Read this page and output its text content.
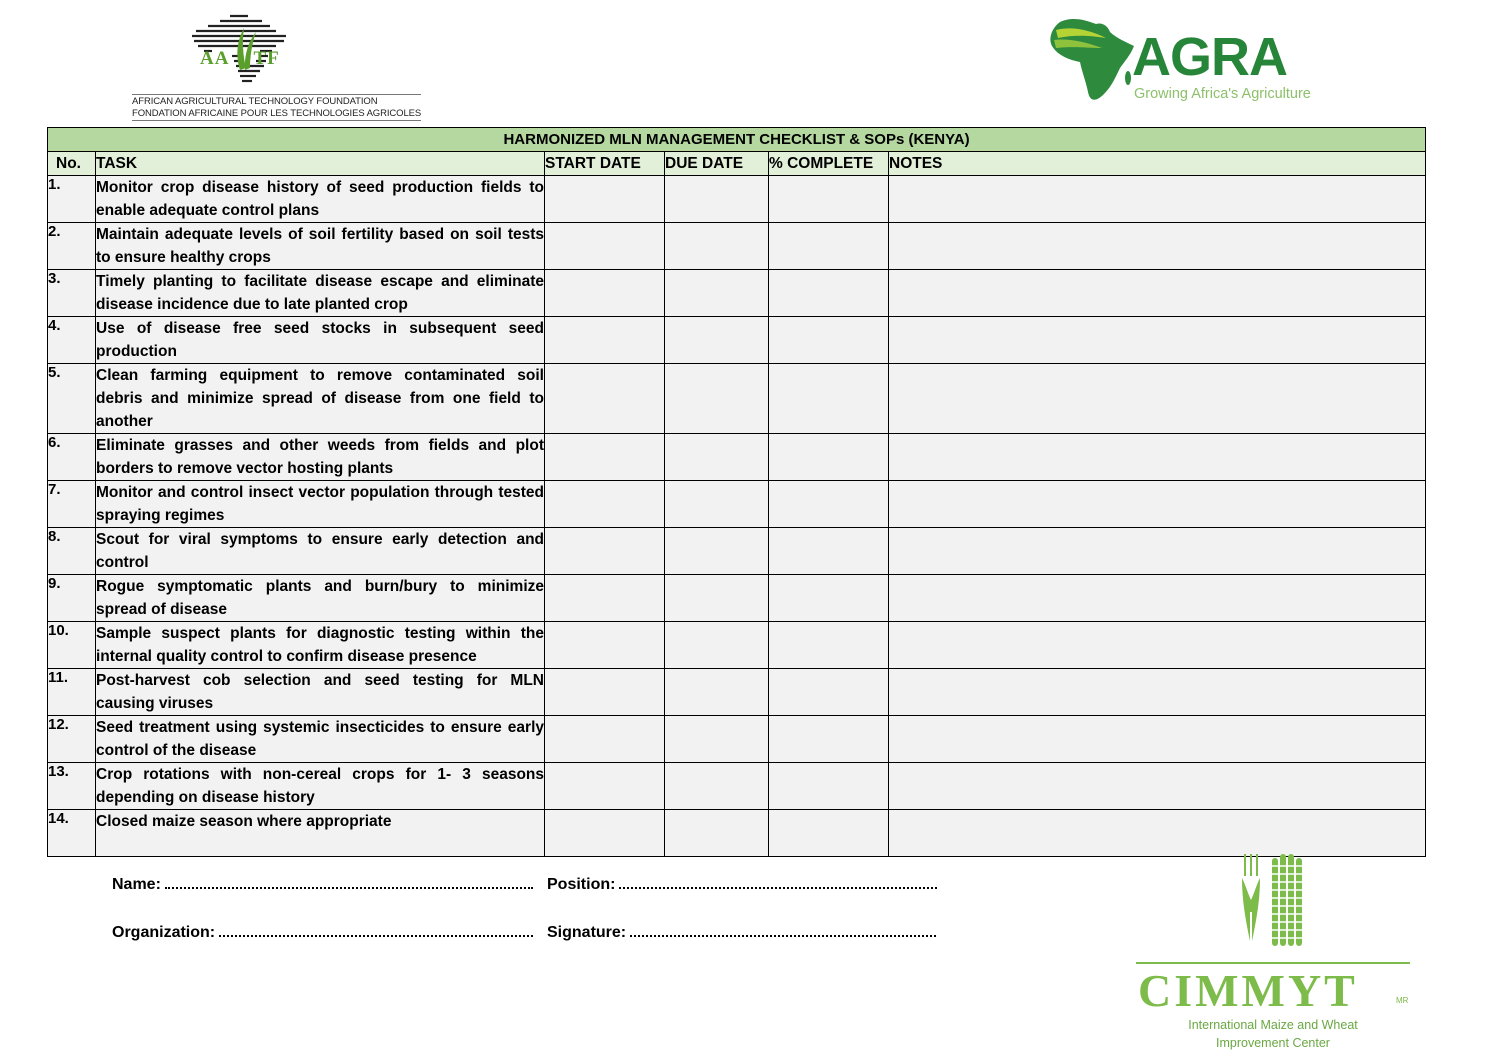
AA TF
AFRICAN AGRICULTURAL TECHNOLOGY FOUNDATION
FONDATION AFRICAINE POUR LES TECHNOLOGIES AGRICOLES
AGRA
Growing Africa's Agriculture
HARMONIZED MLN MANAGEMENT CHECKLIST & SOPs (KENYA)					
No.	TASK	START DATE	DUE DATE	% COMPLETE	NOTES
1.	Monitor crop disease history of seed production fields to enable adequate control plans				
2.	Maintain adequate levels of soil fertility based on soil tests to ensure healthy crops				
3.	Timely planting to facilitate disease escape and eliminate disease incidence due to late planted crop				
4.	Use of disease free seed stocks in subsequent seed production				
5.	Clean farming equipment to remove contaminated soil debris and minimize spread of disease from one field to another				
6.	Eliminate grasses and other weeds from fields and plot borders to remove vector hosting plants				
7.	Monitor and control insect vector population through tested spraying regimes				
8.	Scout for viral symptoms to ensure early detection and control				
9.	Rogue symptomatic plants and burn/bury to minimize spread of disease				
10.	Sample suspect plants for diagnostic testing within the internal quality control to confirm disease presence				
11.	Post-harvest cob selection and seed testing for MLN causing viruses				
12.	Seed treatment using systemic insecticides to ensure early control of the disease				
13.	Crop rotations with non-cereal crops for 1- 3 seasons depending on disease history				
14.	Closed maize season where appropriate				
Name:	Position:
Organization:	Signature:
CIMMYT	MR
International Maize and Wheat
Improvement Center
